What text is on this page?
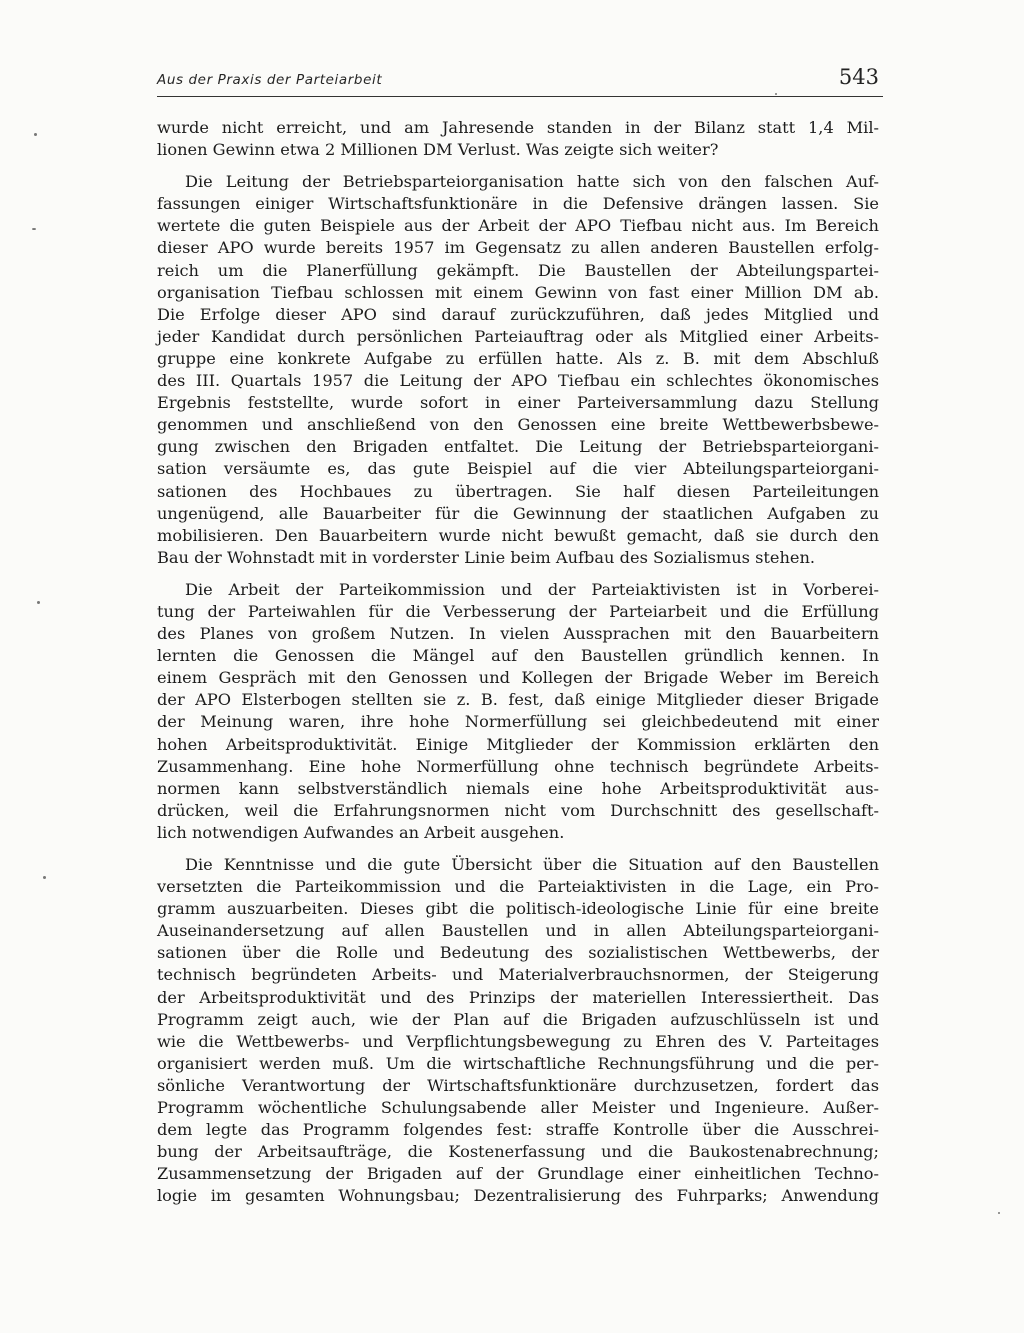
Aus der Praxis der Parteiarbeit	543
wurde nicht erreicht, und am Jahresende standen in der Bilanz statt 1,4 Mil-
lionen Gewinn etwa 2 Millionen DM Verlust. Was zeigte sich weiter?
Die Leitung der Betriebsparteiorganisation hatte sich von den falschen Auf-
fassungen einiger Wirtschaftsfunktionäre in die Defensive drängen lassen. Sie
wertete die guten Beispiele aus der Arbeit der APO Tiefbau nicht aus. Im Bereich
dieser APO wurde bereits 1957 im Gegensatz zu allen anderen Baustellen erfolg-
reich um die Planerfüllung gekämpft. Die Baustellen der Abteilungspartei-
organisation Tiefbau schlossen mit einem Gewinn von fast einer Million DM ab.
Die Erfolge dieser APO sind darauf zurückzuführen, daß jedes Mitglied und
jeder Kandidat durch persönlichen Parteiauftrag oder als Mitglied einer Arbeits-
gruppe eine konkrete Aufgabe zu erfüllen hatte. Als z. B. mit dem Abschluß
des III. Quartals 1957 die Leitung der APO Tiefbau ein schlechtes ökonomisches
Ergebnis feststellte, wurde sofort in einer Parteiversammlung dazu Stellung
genommen und anschließend von den Genossen eine breite Wettbewerbsbewe-
gung zwischen den Brigaden entfaltet. Die Leitung der Betriebsparteiorgani-
sation versäumte es, das gute Beispiel auf die vier Abteilungsparteiorgani-
sationen des Hochbaues zu übertragen. Sie half diesen Parteileitungen
ungenügend, alle Bauarbeiter für die Gewinnung der staatlichen Aufgaben zu
mobilisieren. Den Bauarbeitern wurde nicht bewußt gemacht, daß sie durch den
Bau der Wohnstadt mit in vorderster Linie beim Aufbau des Sozialismus stehen.
Die Arbeit der Parteikommission und der Parteiaktivisten ist in Vorberei-
tung der Parteiwahlen für die Verbesserung der Parteiarbeit und die Erfüllung
des Planes von großem Nutzen. In vielen Aussprachen mit den Bauarbeitern
lernten die Genossen die Mängel auf den Baustellen gründlich kennen. In
einem Gespräch mit den Genossen und Kollegen der Brigade Weber im Bereich
der APO Elsterbogen stellten sie z. B. fest, daß einige Mitglieder dieser Brigade
der Meinung waren, ihre hohe Normerfüllung sei gleichbedeutend mit einer
hohen Arbeitsproduktivität. Einige Mitglieder der Kommission erklärten den
Zusammenhang. Eine hohe Normerfüllung ohne technisch begründete Arbeits-
normen kann selbstverständlich niemals eine hohe Arbeitsproduktivität aus-
drücken, weil die Erfahrungsnormen nicht vom Durchschnitt des gesellschaft-
lich notwendigen Aufwandes an Arbeit ausgehen.
Die Kenntnisse und die gute Übersicht über die Situation auf den Baustellen
versetzten die Parteikommission und die Parteiaktivisten in die Lage, ein Pro-
gramm auszuarbeiten. Dieses gibt die politisch-ideologische Linie für eine breite
Auseinandersetzung auf allen Baustellen und in allen Abteilungsparteiorgani-
sationen über die Rolle und Bedeutung des sozialistischen Wettbewerbs, der
technisch begründeten Arbeits- und Materialverbrauchsnormen, der Steigerung
der Arbeitsproduktivität und des Prinzips der materiellen Interessiertheit. Das
Programm zeigt auch, wie der Plan auf die Brigaden aufzuschlüsseln ist und
wie die Wettbewerbs- und Verpflichtungsbewegung zu Ehren des V. Parteitages
organisiert werden muß. Um die wirtschaftliche Rechnungsführung und die per-
sönliche Verantwortung der Wirtschaftsfunktionäre durchzusetzen, fordert das
Programm wöchentliche Schulungsabende aller Meister und Ingenieure. Außer-
dem legte das Programm folgendes fest: straffe Kontrolle über die Ausschrei-
bung der Arbeitsaufträge, die Kostenerfassung und die Baukostenabrechnung;
Zusammensetzung der Brigaden auf der Grundlage einer einheitlichen Techno-
logie im gesamten Wohnungsbau; Dezentralisierung des Fuhrparks; Anwendung
